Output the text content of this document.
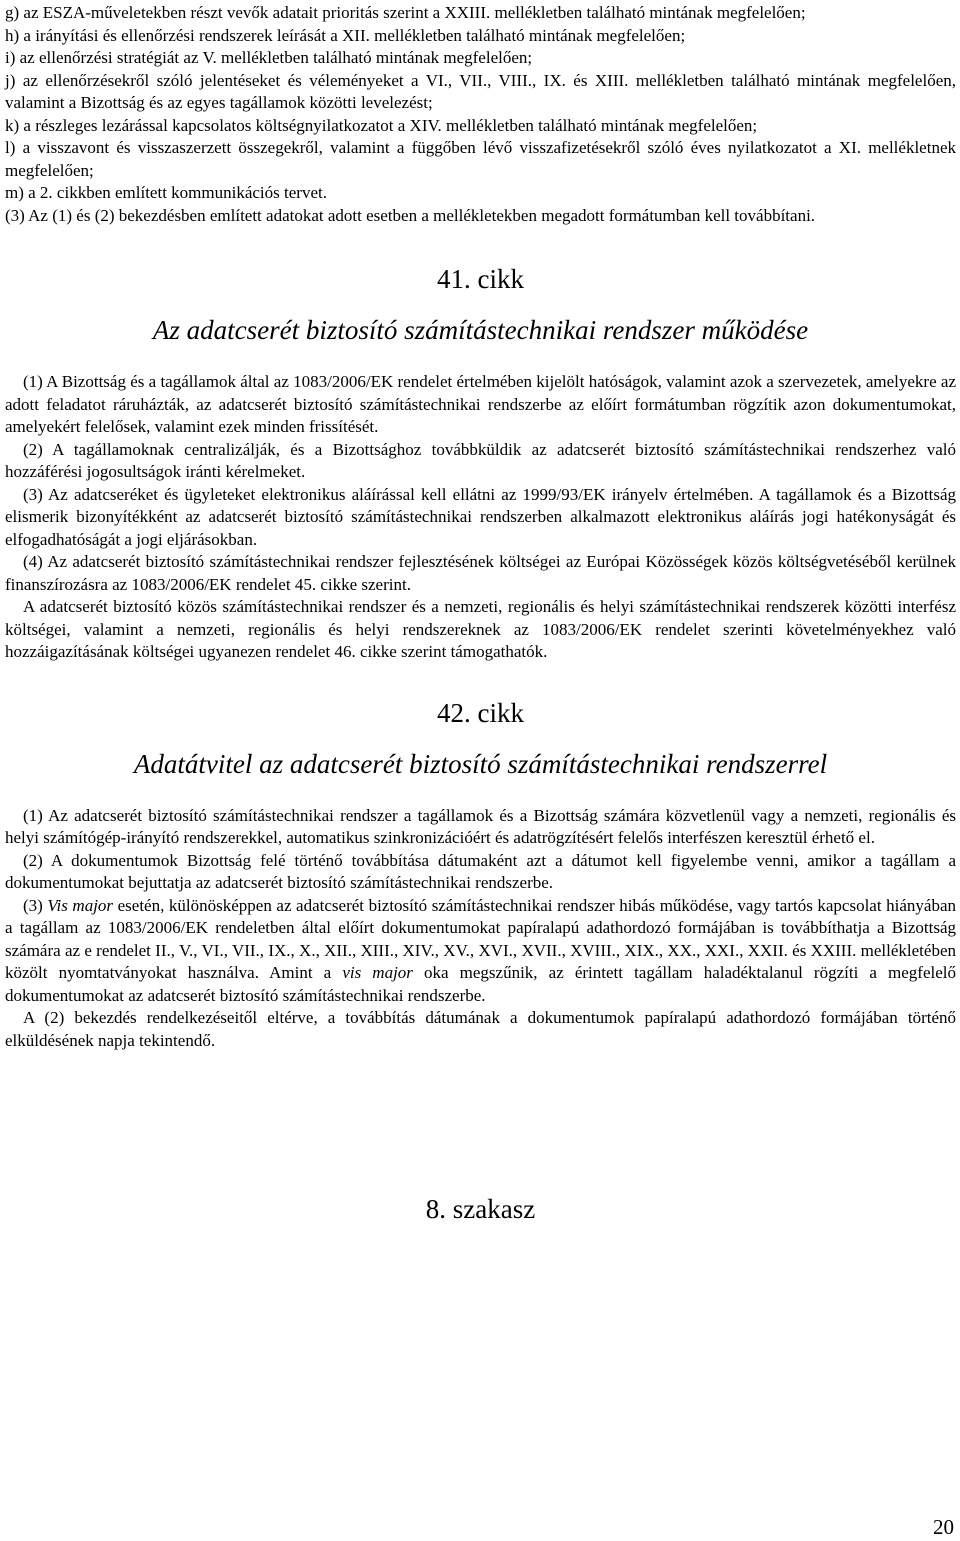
g) az ESZA-műveletekben részt vevők adatait prioritás szerint a XXIII. mellékletben található mintának megfelelően;

h) a irányítási és ellenőrzési rendszerek leírását a XII. mellékletben található mintának megfelelően;

i) az ellenőrzési stratégiát az V. mellékletben található mintának megfelelően;

j) az ellenőrzésekről szóló jelentéseket és véleményeket a VI., VII., VIII., IX. és XIII. mellékletben található mintának megfelelően, valamint a Bizottság és az egyes tagállamok közötti levelezést;

k) a részleges lezárással kapcsolatos költségnyilatkozatot a XIV. mellékletben található mintának megfelelően;

l) a visszavont és visszaszerzett összegekről, valamint a függőben lévő visszafizetésekről szóló éves nyilatkozatot a XI. mellékletnek megfelelően;

m) a 2. cikkben említett kommunikációs tervet.

(3) Az (1) és (2) bekezdésben említett adatokat adott esetben a mellékletekben megadott formátumban kell továbbítani.

41. cikk

Az adatcserét biztosító számítástechnikai rendszer működése

(1) A Bizottság és a tagállamok által az 1083/2006/EK rendelet értelmében kijelölt hatóságok, valamint azok a szervezetek, amelyekre az adott feladatot ráruházták, az adatcserét biztosító számítástechnikai rendszerbe az előírt formátumban rögzítik azon dokumentumokat, amelyekért felelősek, valamint ezek minden frissítését.

(2) A tagállamoknak centralizálják, és a Bizottsághoz továbbküldik az adatcserét biztosító számítástechnikai rendszerhez való hozzáférési jogosultságok iránti kérelmeket.

(3) Az adatcseréket és ügyleteket elektronikus aláírással kell ellátni az 1999/93/EK irányelv értelmében. A tagállamok és a Bizottság elismerik bizonyítékként az adatcserét biztosító számítástechnikai rendszerben alkalmazott elektronikus aláírás jogi hatékonyságát és elfogadhatóságát a jogi eljárásokban.

(4) Az adatcserét biztosító számítástechnikai rendszer fejlesztésének költségei az Európai Közösségek közös költségvetéséből kerülnek finanszírozásra az 1083/2006/EK rendelet 45. cikke szerint.

A adatcserét biztosító közös számítástechnikai rendszer és a nemzeti, regionális és helyi számítástechnikai rendszerek közötti interfész költségei, valamint a nemzeti, regionális és helyi rendszereknek az 1083/2006/EK rendelet szerinti követelményekhez való hozzáigazításának költségei ugyanezen rendelet 46. cikke szerint támogathatók.

42. cikk

Adatátvitel az adatcserét biztosító számítástechnikai rendszerrel

(1) Az adatcserét biztosító számítástechnikai rendszer a tagállamok és a Bizottság számára közvetlenül vagy a nemzeti, regionális és helyi számítógép-irányító rendszerekkel, automatikus szinkronizációért és adatrögzítésért felelős interfészen keresztül érhető el.

(2) A dokumentumok Bizottság felé történő továbbítása dátumaként azt a dátumot kell figyelembe venni, amikor a tagállam a dokumentumokat bejuttatja az adatcserét biztosító számítástechnikai rendszerbe.

(3) Vis major esetén, különösképpen az adatcserét biztosító számítástechnikai rendszer hibás működése, vagy tartós kapcsolat hiányában a tagállam az 1083/2006/EK rendeletben által előírt dokumentumokat papíralapú adathordozó formájában is továbbíthatja a Bizottság számára az e rendelet II., V., VI., VII., IX., X., XII., XIII., XIV., XV., XVI., XVII., XVIII., XIX., XX., XXI., XXII. és XXIII. mellékletében közölt nyomtatványokat használva. Amint a vis major oka megszűnik, az érintett tagállam haladéktalanul rögzíti a megfelelő dokumentumokat az adatcserét biztosító számítástechnikai rendszerbe.

A (2) bekezdés rendelkezéseitől eltérve, a továbbítás dátumának a dokumentumok papíralapú adathordozó formájában történő elküldésének napja tekintendő.

8. szakasz

20
